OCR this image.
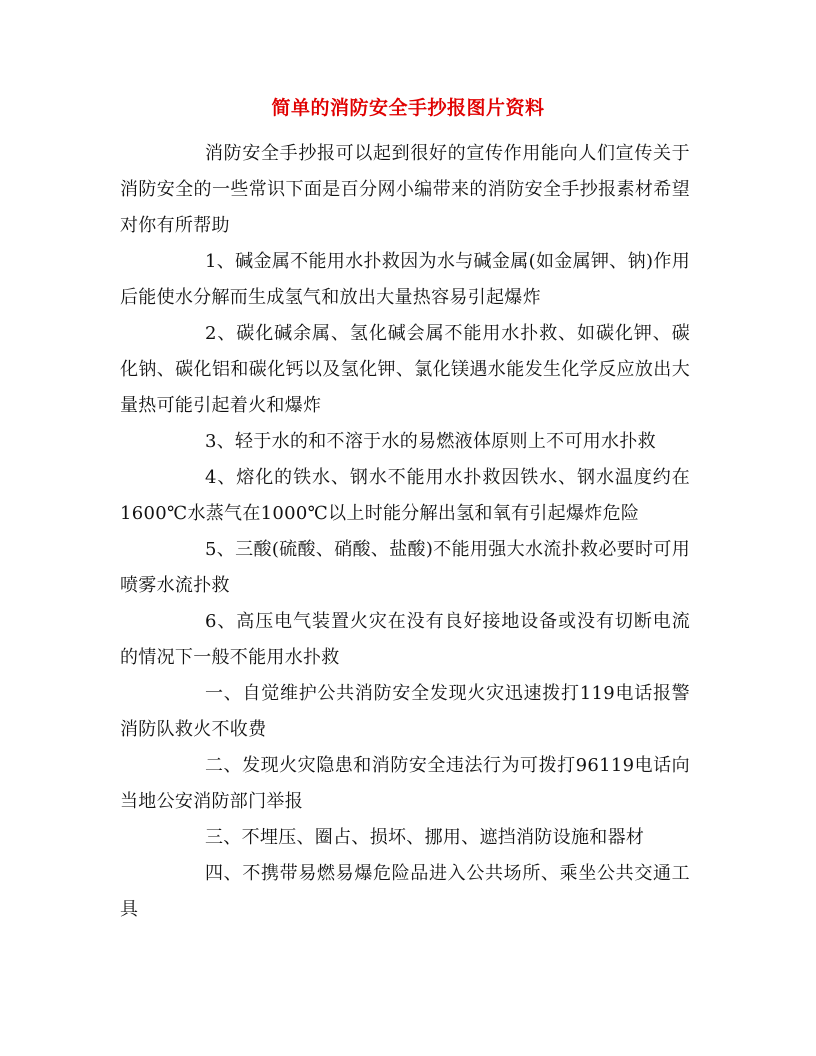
简单的消防安全手抄报图片资料

消防安全手抄报可以起到很好的宣传作用能向人们宣传关于消防安全的一些常识下面是百分网小编带来的消防安全手抄报素材希望对你有所帮助

1、碱金属不能用水扑救因为水与碱金属(如金属钾、钠)作用后能使水分解而生成氢气和放出大量热容易引起爆炸

2、碳化碱余属、氢化碱会属不能用水扑救、如碳化钾、碳化钠、碳化铝和碳化钙以及氢化钾、氯化镁遇水能发生化学反应放出大量热可能引起着火和爆炸

3、轻于水的和不溶于水的易燃液体原则上不可用水扑救

4、熔化的铁水、钢水不能用水扑救因铁水、钢水温度约在1600℃水蒸气在1000℃以上时能分解出氢和氧有引起爆炸危险

5、三酸(硫酸、硝酸、盐酸)不能用强大水流扑救必要时可用喷雾水流扑救

6、高压电气装置火灾在没有良好接地设备或没有切断电流的情况下一般不能用水扑救

一、自觉维护公共消防安全发现火灾迅速拨打119电话报警消防队救火不收费

二、发现火灾隐患和消防安全违法行为可拨打96119电话向当地公安消防部门举报

三、不埋压、圈占、损坏、挪用、遮挡消防设施和器材

四、不携带易燃易爆危险品进入公共场所、乘坐公共交通工具
